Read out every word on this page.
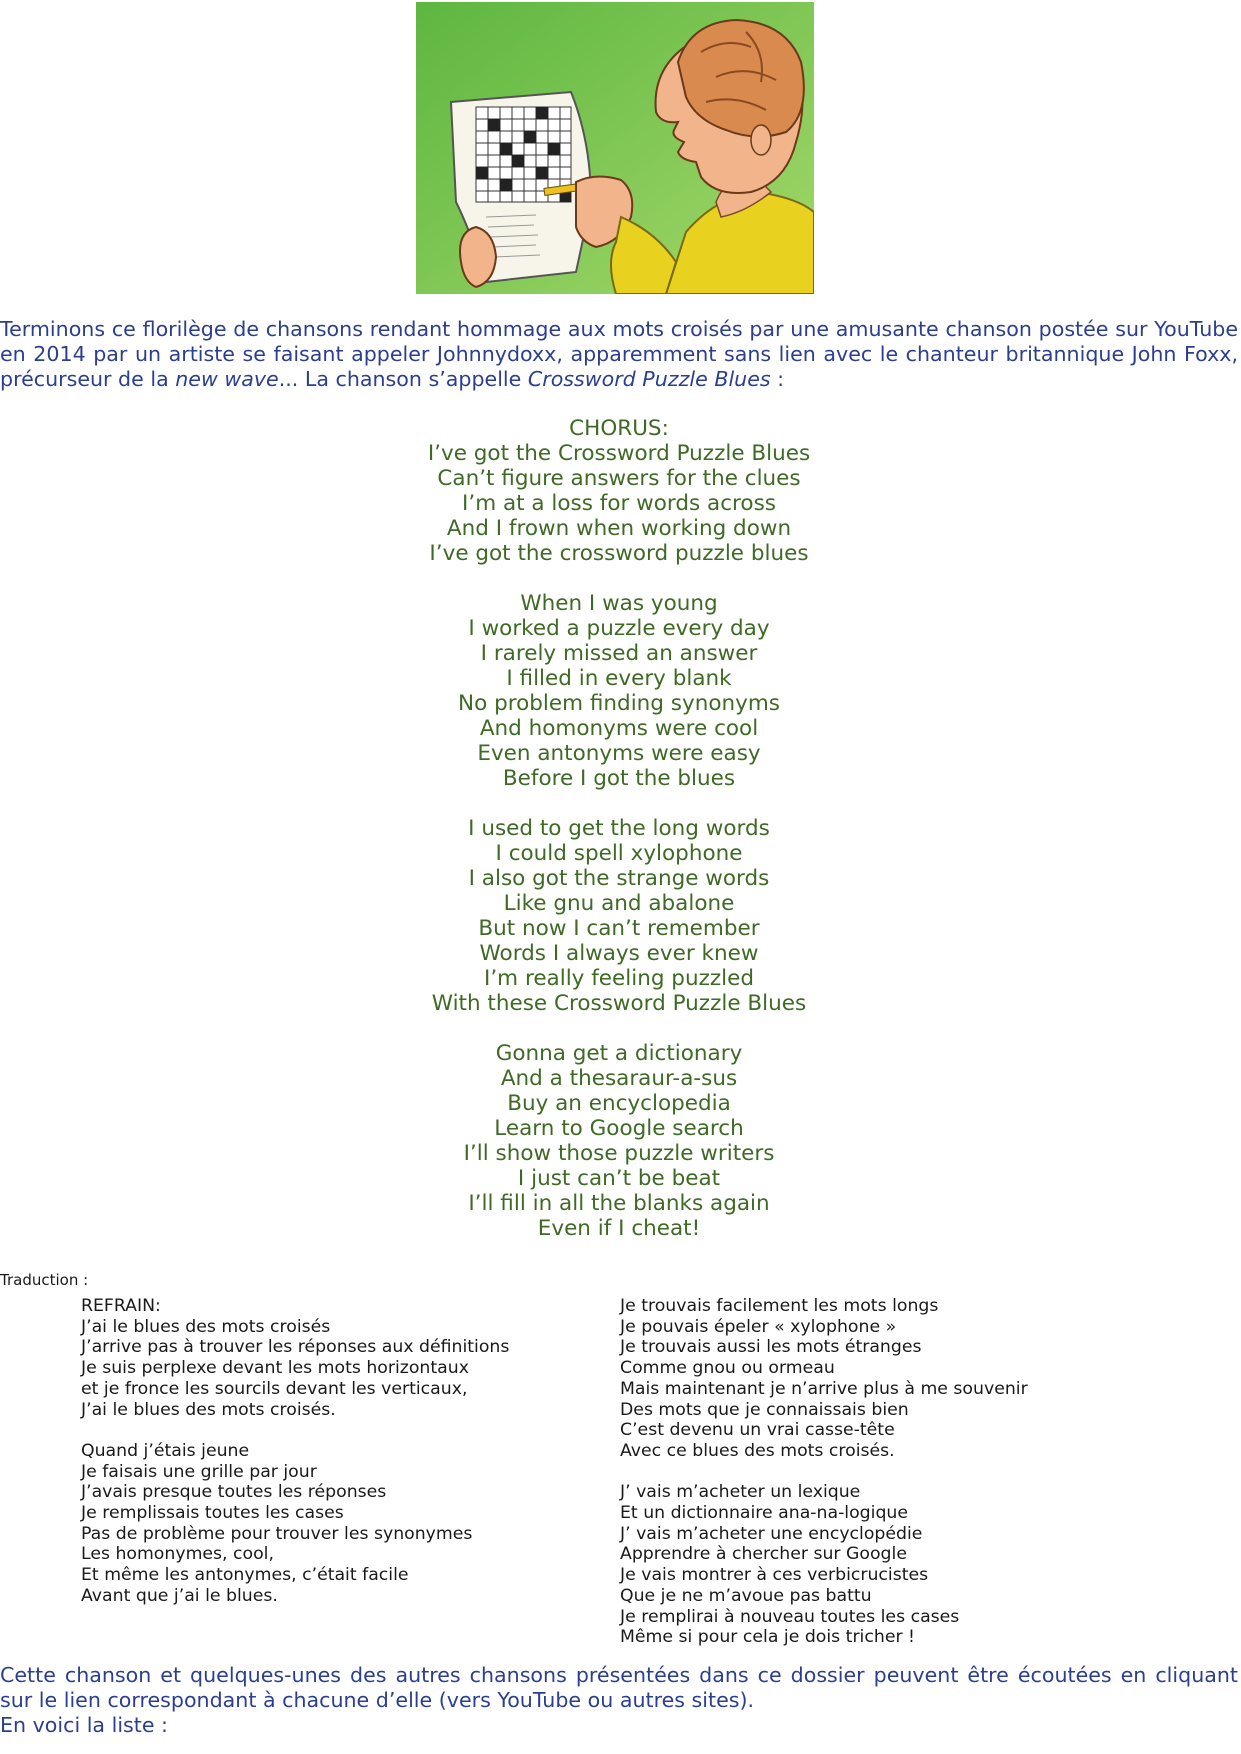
Terminons ce florilège de chansons rendant hommage aux mots croisés par une amusante chanson postée sur YouTube en 2014 par un artiste se faisant appeler Johnnydoxx, apparemment sans lien avec le chanteur britannique John Foxx, précurseur de la new wave... La chanson s’appelle Crossword Puzzle Blues :

CHORUS:
I’ve got the Crossword Puzzle Blues
Can’t figure answers for the clues
I’m at a loss for words across
And I frown when working down
I’ve got the crossword puzzle blues
When I was young
I worked a puzzle every day
I rarely missed an answer
I filled in every blank
No problem finding synonyms
And homonyms were cool
Even antonyms were easy
Before I got the blues
I used to get the long words
I could spell xylophone
I also got the strange words
Like gnu and abalone
But now I can’t remember
Words I always ever knew
I’m really feeling puzzled
With these Crossword Puzzle Blues
Gonna get a dictionary
And a thesaraur-a-sus
Buy an encyclopedia
Learn to Google search
I’ll show those puzzle writers
I just can’t be beat
I’ll fill in all the blanks again
Even if I cheat!
Traduction :
REFRAIN:
J’ai le blues des mots croisés
J’arrive pas à trouver les réponses aux définitions
Je suis perplexe devant les mots horizontaux
et je fronce les sourcils devant les verticaux,
J’ai le blues des mots croisés.
Quand j’étais jeune
Je faisais une grille par jour
J’avais presque toutes les réponses
Je remplissais toutes les cases
Pas de problème pour trouver les synonymes
Les homonymes, cool,
Et même les antonymes, c’était facile
Avant que j’ai le blues.
Je trouvais facilement les mots longs
Je pouvais épeler « xylophone »
Je trouvais aussi les mots étranges
Comme gnou ou ormeau
Mais maintenant je n’arrive plus à me souvenir
Des mots que je connaissais bien
C’est devenu un vrai casse-tête
Avec ce blues des mots croisés.
J’ vais m’acheter un lexique
Et un dictionnaire ana-na-logique
J’ vais m’acheter une encyclopédie
Apprendre à chercher sur Google
Je vais montrer à ces verbicrucistes
Que je ne m’avoue pas battu
Je remplirai à nouveau toutes les cases
Même si pour cela je dois tricher !

Cette chanson et quelques-unes des autres chansons présentées dans ce dossier peuvent être écoutées en cliquant sur le lien correspondant à chacune d’elle (vers YouTube ou autres sites).

En voici la liste :
